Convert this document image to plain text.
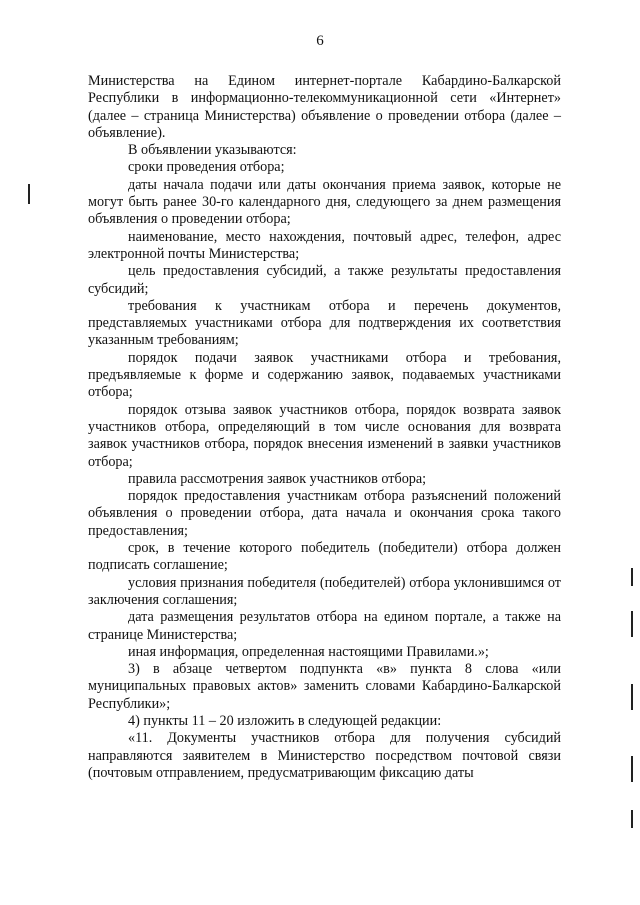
6

Министерства на Едином интернет-портале Кабардино-Балкарской Республики в информационно-телекоммуникационной сети «Интернет» (далее – страница Министерства) объявление о проведении отбора (далее – объявление).

В объявлении указываются:

сроки проведения отбора;

даты начала подачи или даты окончания приема заявок, которые не могут быть ранее 30-го календарного дня, следующего за днем размещения объявления о проведении отбора;

наименование, место нахождения, почтовый адрес, телефон, адрес электронной почты Министерства;

цель предоставления субсидий, а также результаты предоставления субсидий;

требования к участникам отбора и перечень документов, представляемых участниками отбора для подтверждения их соответствия указанным требованиям;

порядок подачи заявок участниками отбора и требования, предъявляемые к форме и содержанию заявок, подаваемых участниками отбора;

порядок отзыва заявок участников отбора, порядок возврата заявок участников отбора, определяющий в том числе основания для возврата заявок участников отбора, порядок внесения изменений в заявки участников отбора;

правила рассмотрения заявок участников отбора;

порядок предоставления участникам отбора разъяснений положений объявления о проведении отбора, дата начала и окончания срока такого предоставления;

срок, в течение которого победитель (победители) отбора должен подписать соглашение;

условия признания победителя (победителей) отбора уклонившимся от заключения соглашения;

дата размещения результатов отбора на едином портале, а также на странице Министерства;

иная информация, определенная настоящими Правилами.»;

3) в абзаце четвертом подпункта «в» пункта 8 слова «или муниципальных правовых актов» заменить словами Кабардино-Балкарской Республики»;

4) пункты 11 – 20 изложить в следующей редакции:

«11. Документы участников отбора для получения субсидий направляются заявителем в Министерство посредством почтовой связи (почтовым отправлением, предусматривающим фиксацию даты
